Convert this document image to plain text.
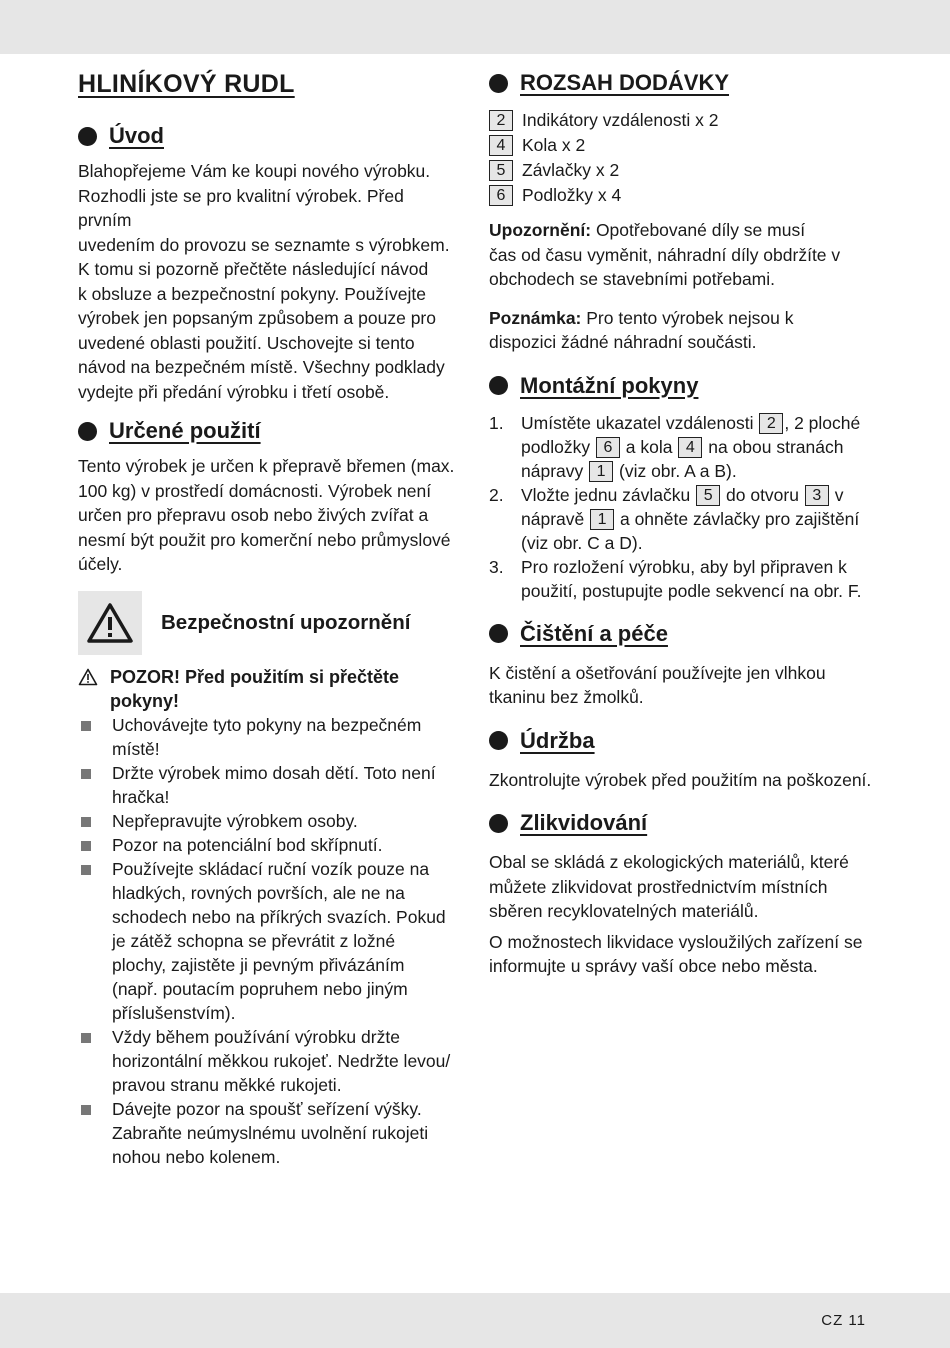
HLINÍKOVÝ RUDL
Úvod

Blahopřejeme Vám ke koupi nového výrobku.
Rozhodli jste se pro kvalitní výrobek. Před prvním
uvedením do provozu se seznamte s výrobkem.
K tomu si pozorně přečtěte následující návod
k obsluze a bezpečnostní pokyny. Používejte
výrobek jen popsaným způsobem a pouze pro
uvedené oblasti použití. Uschovejte si tento
návod na bezpečném místě. Všechny podklady
vydejte při předání výrobku i třetí osobě.

Určené použití

Tento výrobek je určen k přepravě břemen (max.
100 kg) v prostředí domácnosti. Výrobek není
určen pro přepravu osob nebo živých zvířat a
nesmí být použit pro komerční nebo průmyslové
účely.

Bezpečnostní upozornění
POZOR! Před použitím si přečtěte
pokyny!
Uchovávejte tyto pokyny na bezpečném
místě!
Držte výrobek mimo dosah dětí. Toto není
hračka!
Nepřepravujte výrobkem osoby.
Pozor na potenciální bod skřípnutí.
Používejte skládací ruční vozík pouze na
hladkých, rovných površích, ale ne na
schodech nebo na příkrých svazích. Pokud
je zátěž schopna se převrátit z ložné
plochy, zajistěte ji pevným přivázáním
(např. poutacím popruhem nebo jiným
příslušenstvím).
Vždy během používání výrobku držte
horizontální měkkou rukojeť. Nedržte levou/
pravou stranu měkké rukojeti.
Dávejte pozor na spoušť seřízení výšky.
Zabraňte neúmyslnému uvolnění rukojeti
nohou nebo kolenem.
ROZSAH DODÁVKY
2 Indikátory vzdálenosti x 2
4 Kola x 2
5 Závlačky x 2
6 Podložky x 4

Upozornění: Opotřebované díly se musí
čas od času vyměnit, náhradní díly obdržíte v
obchodech se stavebními potřebami.

Poznámka: Pro tento výrobek nejsou k
dispozici žádné náhradní součásti.

Montážní pokyny
1. Umístěte ukazatel vzdálenosti 2 , 2 ploché
podložky 6 a kola 4 na obou stranách
nápravy 1 (viz obr. A a B).
2. Vložte jednu závlačku 5 do otvoru 3 v
nápravě 1 a ohněte závlačky pro zajištění
(viz obr. C a D).
3. Pro rozložení výrobku, aby byl připraven k
použití, postupujte podle sekvencí na obr. F.
Čištění a péče

K čistění a ošetřování používejte jen vlhkou
tkaninu bez žmolků.

Údržba

Zkontrolujte výrobek před použitím na poškození.

Zlikvidování

Obal se skládá z ekologických materiálů, které
můžete zlikvidovat prostřednictvím místních
sběren recyklovatelných materiálů.

O možnostech likvidace vysloužilých zařízení se
informujte u správy vaší obce nebo města.

CZ 11
